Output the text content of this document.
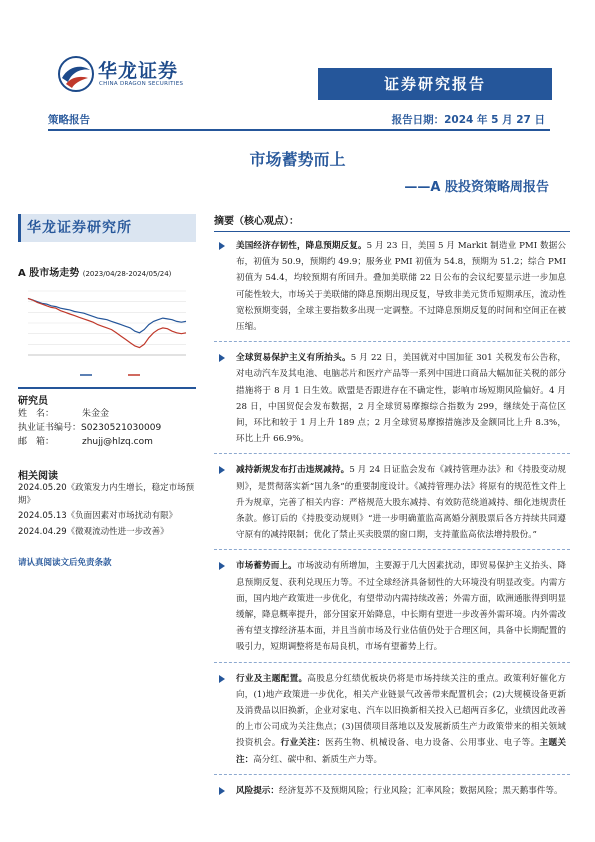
华龙证券
CHINA DRAGON SECURITIES	证券研究报告
策略报告	报告日期：2024 年 5 月 27 日
市场蓄势而上
——A 股投资策略周报告
华龙证券研究所
A 股市场走势 (2023/04/28-2024/05/24)
研究员
姓　名：	朱金金
执业证书编号：S0230521030009
邮　箱：	zhujj@hlzq.com
相关阅读
2024.05.20《政策发力内生增长，稳定市场预期》
2024.05.13《负面因素对市场扰动有限》
2024.04.29《微观流动性进一步改善》
请认真阅读文后免责条款
摘要（核心观点）：
美国经济存韧性，降息预期反复。5 月 23 日，美国 5 月 Markit 制造业 PMI 数据公布，初值为 50.9，预期约 49.9；服务业 PMI 初值为 54.8，预期为 51.2；综合 PMI 初值为 54.4，均较预期有所回升。叠加美联储 22 日公布的会议纪要显示进一步加息可能性较大，市场关于美联储的降息预期出现反复，导致非美元货币短期承压，流动性宽松预期变弱，全球主要指数多出现一定调整。不过降息预期反复的时间和空间正在被压缩。
全球贸易保护主义有所抬头。5 月 22 日，美国就对中国加征 301 关税发布公告称，对电动汽车及其电池、电脑芯片和医疗产品等一系列中国进口商品大幅加征关税的部分措施将于 8 月 1 日生效。欧盟是否跟进存在不确定性，影响市场短期风险偏好。4 月 28 日，中国贸促会发布数据，2 月全球贸易摩擦综合指数为 299，继续处于高位区间，环比和较于 1 月上升 189 点；2 月全球贸易摩擦措施涉及金额同比上升 8.3%，环比上升 66.9%。
减持新规发布打击违规减持。5 月 24 日证监会发布《减持管理办法》和《持股变动规则》，是贯彻落实新“国九条”的重要制度设计。《减持管理办法》将原有的规范性文件上升为规章，完善了相关内容：严格规范大股东减持、有效防范绕道减持、细化违规责任条款。修订后的《持股变动规则》“进一步明确董监高离婚分割股票后各方持续共同遵守原有的减持限制；优化了禁止买卖股票的窗口期，支持董监高依法增持股份。”
市场蓄势而上。市场波动有所增加，主要源于几大因素扰动，即贸易保护主义抬头、降息预期反复、获利兑现压力等。不过全球经济具备韧性的大环境没有明显改变。内需方面，国内地产政策进一步优化，有望带动内需持续改善；外需方面，欧洲通胀得到明显缓解，降息概率提升，部分国家开始降息，中长期有望进一步改善外需环境。内外需改善有望支撑经济基本面，并且当前市场及行业估值仍处于合理区间，具备中长期配置的吸引力，短期调整将是布局良机，市场有望蓄势上行。
行业及主题配置。高股息分红绩优板块仍将是市场持续关注的重点。政策利好催化方向，(1)地产政策进一步优化，相关产业链景气改善带来配置机会；(2)大规模设备更新及消费品以旧换新，企业对家电、汽车以旧换新相关投入已超两百多亿，业绩因此改善的上市公司成为关注焦点；(3)国债项目落地以及发展新质生产力政策带来的相关领域投资机会。行业关注：医药生物、机械设备、电力设备、公用事业、电子等。主题关注：高分红、碳中和、新质生产力等。
风险提示：经济复苏不及预期风险；行业风险；汇率风险；数据风险；黑天鹅事件等。
